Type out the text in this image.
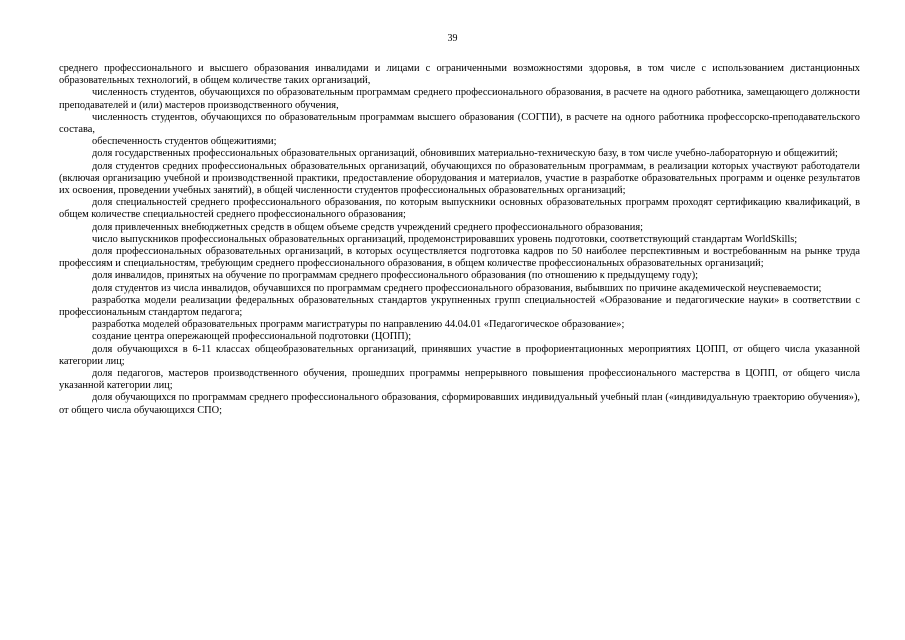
39

среднего профессионального и высшего образования инвалидами и лицами с ограниченными возможностями здоровья, в том числе с использованием дистанционных образовательных технологий, в общем количестве таких организаций,

численность студентов, обучающихся по образовательным программам среднего профессионального образования, в расчете на одного работника, замещающего должности преподавателей и (или) мастеров производственного обучения,

численность студентов, обучающихся по образовательным программам высшего образования (СОГПИ), в расчете на одного работника профессорско-преподавательского состава,

обеспеченность студентов общежитиями;

доля государственных профессиональных образовательных организаций, обновивших материально-техническую базу, в том числе учебно-лабораторную и общежитий;

доля студентов средних профессиональных образовательных организаций, обучающихся по образовательным программам, в реализации которых участвуют работодатели (включая организацию учебной и производственной практики, предоставление оборудования и материалов, участие в разработке образовательных программ и оценке результатов их освоения, проведении учебных занятий), в общей численности студентов профессиональных образовательных организаций;

доля специальностей среднего профессионального образования, по которым выпускники основных образовательных программ проходят сертификацию квалификаций, в общем количестве специальностей среднего профессионального образования;

доля привлеченных внебюджетных средств в общем объеме средств учреждений среднего профессионального образования;

число выпускников профессиональных образовательных организаций, продемонстрировавших уровень подготовки, соответствующий стандартам WorldSkills;

доля профессиональных образовательных организаций, в которых осуществляется подготовка кадров по 50 наиболее перспективным и востребованным на рынке труда профессиям и специальностям, требующим среднего профессионального образования, в общем количестве профессиональных образовательных организаций;

доля инвалидов, принятых на обучение по программам среднего профессионального образования (по отношению к предыдущему году);

доля студентов из числа инвалидов, обучавшихся по программам среднего профессионального образования, выбывших по причине академической неуспеваемости;

разработка модели реализации федеральных образовательных стандартов укрупненных групп специальностей «Образование и педагогические науки» в соответствии с профессиональным стандартом педагога;

разработка моделей образовательных программ магистратуры по направлению 44.04.01 «Педагогическое образование»;

создание центра опережающей профессиональной подготовки (ЦОПП);

доля обучающихся в 6-11 классах общеобразовательных организаций, принявших участие в профориентационных мероприятиях ЦОПП, от общего числа указанной категории лиц;

доля педагогов, мастеров производственного обучения, прошедших программы непрерывного повышения профессионального мастерства в ЦОПП, от общего числа указанной категории лиц;

доля обучающихся по программам среднего профессионального образования, сформировавших индивидуальный учебный план («индивидуальную траекторию обучения»), от общего числа обучающихся СПО;
